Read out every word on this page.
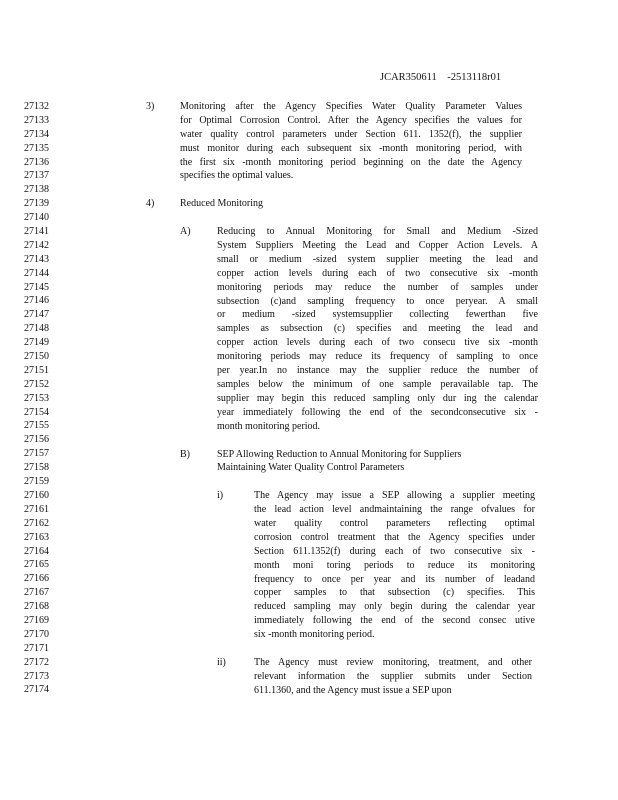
JCAR350611 -2513118r01
27132
27133
27134
27135
27136
27137
27138
27139
27140
27141
27142
27143
27144
27145
27146
27147
27148
27149
27150
27151
27152
27153
27154
27155
27156
27157
27158
27159
27160
27161
27162
27163
27164
27165
27166
27167
27168
27169
27170
27171
27172
27173
27174
3)	Monitoring after the Agency Specifies Water Quality Parameter Values
for Optimal Corrosion Control. After the Agency specifies the values for
water quality control parameters under Section 611. 1352(f), the supplier
must monitor during each subsequent six -month monitoring period, with
the first six -month monitoring period beginning on the date the Agency
specifies the optimal values.
4)	Reduced Monitoring
A)	Reducing to Annual Monitoring for Small and Medium -Sized
System Suppliers Meeting the Lead and Copper Action Levels. A
small or medium -sized system supplier meeting the lead and
copper action levels during each of two consecutive six -month
monitoring periods may reduce the number of samples under
subsection (c)and sampling frequency to once peryear. A small
or medium -sized systemsupplier collecting fewerthan five
samples as subsection (c) specifies and meeting the lead and
copper action levels during each of two consecu tive six -month
monitoring periods may reduce its frequency of sampling to once
per year.In no instance may the supplier reduce the number of
samples below the minimum of one sample peravailable tap. The
supplier may begin this reduced sampling only dur ing the calendar
year immediately following the end of the secondconsecutive six -
month monitoring period.
B)	SEP Allowing Reduction to Annual Monitoring for Suppliers
Maintaining Water Quality Control Parameters
i)	The Agency may issue a SEP allowing a supplier meeting
the lead action level andmaintaining the range ofvalues for
water quality control parameters reflecting optimal
corrosion control treatment that the Agency specifies under
Section 611.1352(f) during each of two consecutive six -
month moni toring periods to reduce its monitoring
frequency to once per year and its number of leadand
copper samples to that subsection (c) specifies. This
reduced sampling may only begin during the calendar year
immediately following the end of the second consec utive
six -month monitoring period.
ii)	The Agency must review monitoring, treatment, and other
relevant information the supplier submits under Section
611.1360, and the Agency must issue a SEP upon
